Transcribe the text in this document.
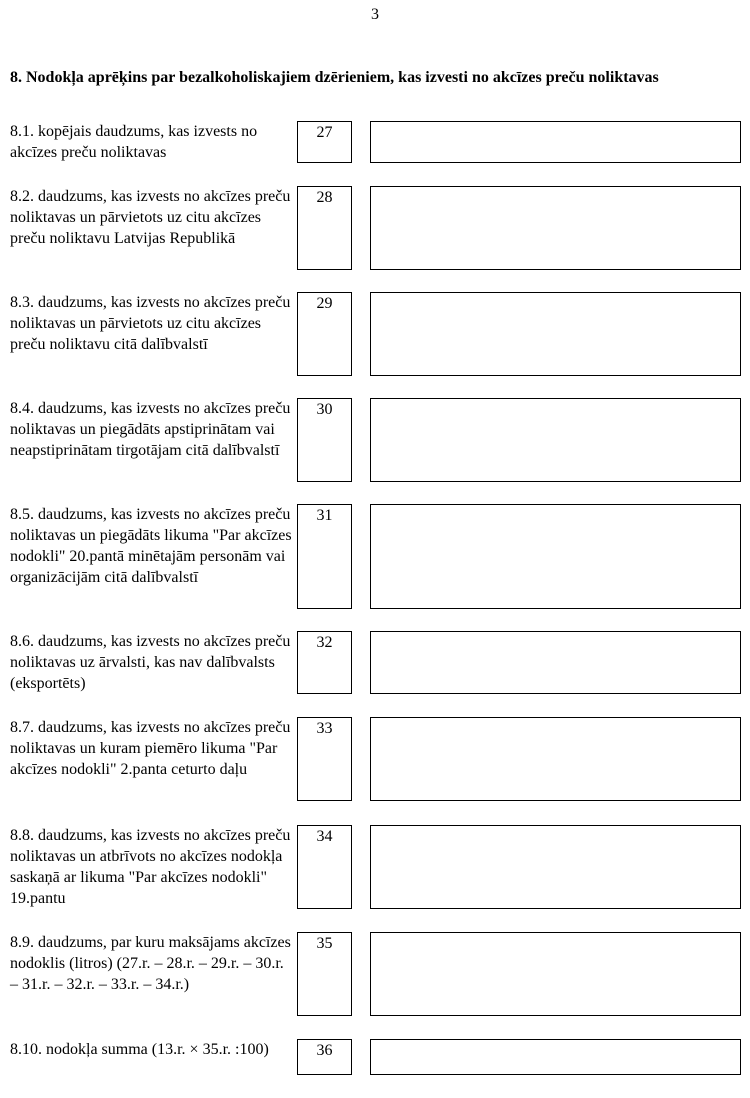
3
8. Nodokļa aprēķins par bezalkoholiskajiem dzērieniem, kas izvesti no akcīzes preču noliktavas
8.1. kopējais daudzums, kas izvests no akcīzes preču noliktavas
27
8.2. daudzums, kas izvests no akcīzes preču noliktavas un pārvietots uz citu akcīzes preču noliktavu Latvijas Republikā
28
8.3. daudzums, kas izvests no akcīzes preču noliktavas un pārvietots uz citu akcīzes preču noliktavu citā dalībvalstī
29
8.4. daudzums, kas izvests no akcīzes preču noliktavas un piegādāts apstiprinātam vai neapstiprinātam tirgotājam citā dalībvalstī
30
8.5. daudzums, kas izvests no akcīzes preču noliktavas un piegādāts likuma "Par akcīzes nodokli" 20.pantā minētajām personām vai organizācijām citā dalībvalstī
31
8.6. daudzums, kas izvests no akcīzes preču noliktavas uz ārvalsti, kas nav dalībvalsts (eksportēts)
32
8.7. daudzums, kas izvests no akcīzes preču noliktavas un kuram piemēro likuma "Par akcīzes nodokli" 2.panta ceturto daļu
33
8.8. daudzums, kas izvests no akcīzes preču noliktavas un atbrīvots no akcīzes nodokļa saskaņā ar likuma "Par akcīzes nodokli" 19.pantu
34
8.9. daudzums, par kuru maksājams akcīzes nodoklis (litros) (27.r. – 28.r. – 29.r. – 30.r. – 31.r. – 32.r. – 33.r. – 34.r.)
35
8.10. nodokļa summa (13.r. × 35.r. :100)	36
